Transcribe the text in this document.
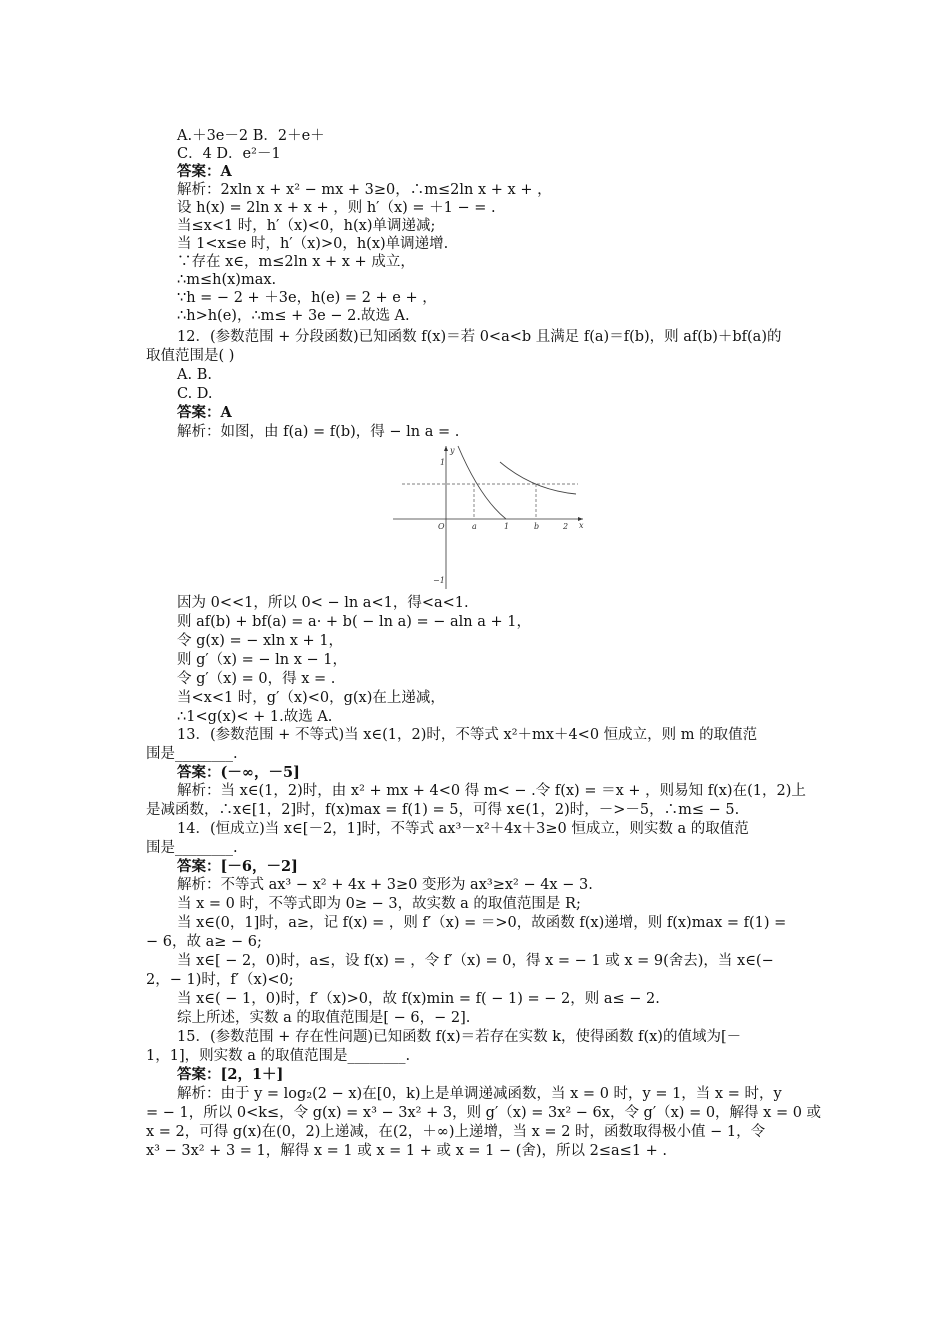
A.＋3e－2 B．2＋e＋
C．4 D．e²－1
答案：A
解析：2xln x + x² − mx + 3≥0，∴m≤2ln x + x + ，
设 h(x) = 2ln x + x + ，则 h′（x) = ＋1 − = .
当≤x<1 时，h′（x)<0，h(x)单调递减;
当 1<x≤e 时，h′（x)>0，h(x)单调递增.
∵存在 x∈，m≤2ln x + x + 成立，
∴m≤h(x)max.
∵h = − 2 + ＋3e，h(e) = 2 + e + ，
∴h>h(e)，∴m≤ + 3e − 2.故选 A.
12．(参数范围 + 分段函数)已知函数 f(x)＝若 0<a<b 且满足 f(a)＝f(b)，则 af(b)＋bf(a)的
取值范围是( )
A. B.
C. D.
答案：A
解析：如图，由 f(a) = f(b)，得 − ln a = .
y
x
O
1
−1
a	1	b	2
因为 0<<1，所以 0< − ln a<1，得<a<1.
则 af(b) + bf(a) = a· + b( − ln a) = − aln a + 1，
令 g(x) = − xln x + 1，
则 g′（x) = − ln x − 1，
令 g′（x) = 0，得 x = .
当<x<1 时，g′（x)<0，g(x)在上递减，
∴1<g(x)< + 1.故选 A.
13．(参数范围 + 不等式)当 x∈(1，2)时，不等式 x²＋mx＋4<0 恒成立，则 m 的取值范
围是________.
答案：(－∞，－5]
解析：当 x∈(1，2)时，由 x² + mx + 4<0 得 m< − .令 f(x) = ＝x + ，则易知 f(x)在(1，2)上
是减函数，∴x∈[1，2]时，f(x)max = f(1) = 5，可得 x∈(1，2)时，－>－5，∴m≤ − 5.
14．(恒成立)当 x∈[－2，1]时，不等式 ax³－x²＋4x＋3≥0 恒成立，则实数 a 的取值范
围是________.
答案：[－6，－2]
解析：不等式 ax³ − x² + 4x + 3≥0 变形为 ax³≥x² − 4x − 3.
当 x = 0 时，不等式即为 0≥ − 3，故实数 a 的取值范围是 R;
当 x∈(0，1]时，a≥，记 f(x) = ，则 f′（x) = ＝>0，故函数 f(x)递增，则 f(x)max = f(1) =
− 6，故 a≥ − 6;
当 x∈[ − 2，0)时，a≤，设 f(x) = ，令 f′（x) = 0，得 x = − 1 或 x = 9(舍去)，当 x∈(−
2，− 1)时，f′（x)<0;
当 x∈( − 1，0)时，f′（x)>0，故 f(x)min = f( − 1) = − 2，则 a≤ − 2.
综上所述，实数 a 的取值范围是[ − 6，− 2].
15．(参数范围 + 存在性问题)已知函数 f(x)＝若存在实数 k，使得函数 f(x)的值域为[－
1，1]，则实数 a 的取值范围是________.
答案：[2，1＋]
解析：由于 y = log₂(2 − x)在[0，k)上是单调递减函数，当 x = 0 时，y = 1，当 x = 时，y
= − 1，所以 0<k≤，令 g(x) = x³ − 3x² + 3，则 g′（x) = 3x² − 6x，令 g′（x) = 0，解得 x = 0 或
x = 2，可得 g(x)在(0，2)上递减，在(2，＋∞)上递增，当 x = 2 时，函数取得极小值 − 1，令
x³ − 3x² + 3 = 1，解得 x = 1 或 x = 1 + 或 x = 1 − (舍)，所以 2≤a≤1 + .
